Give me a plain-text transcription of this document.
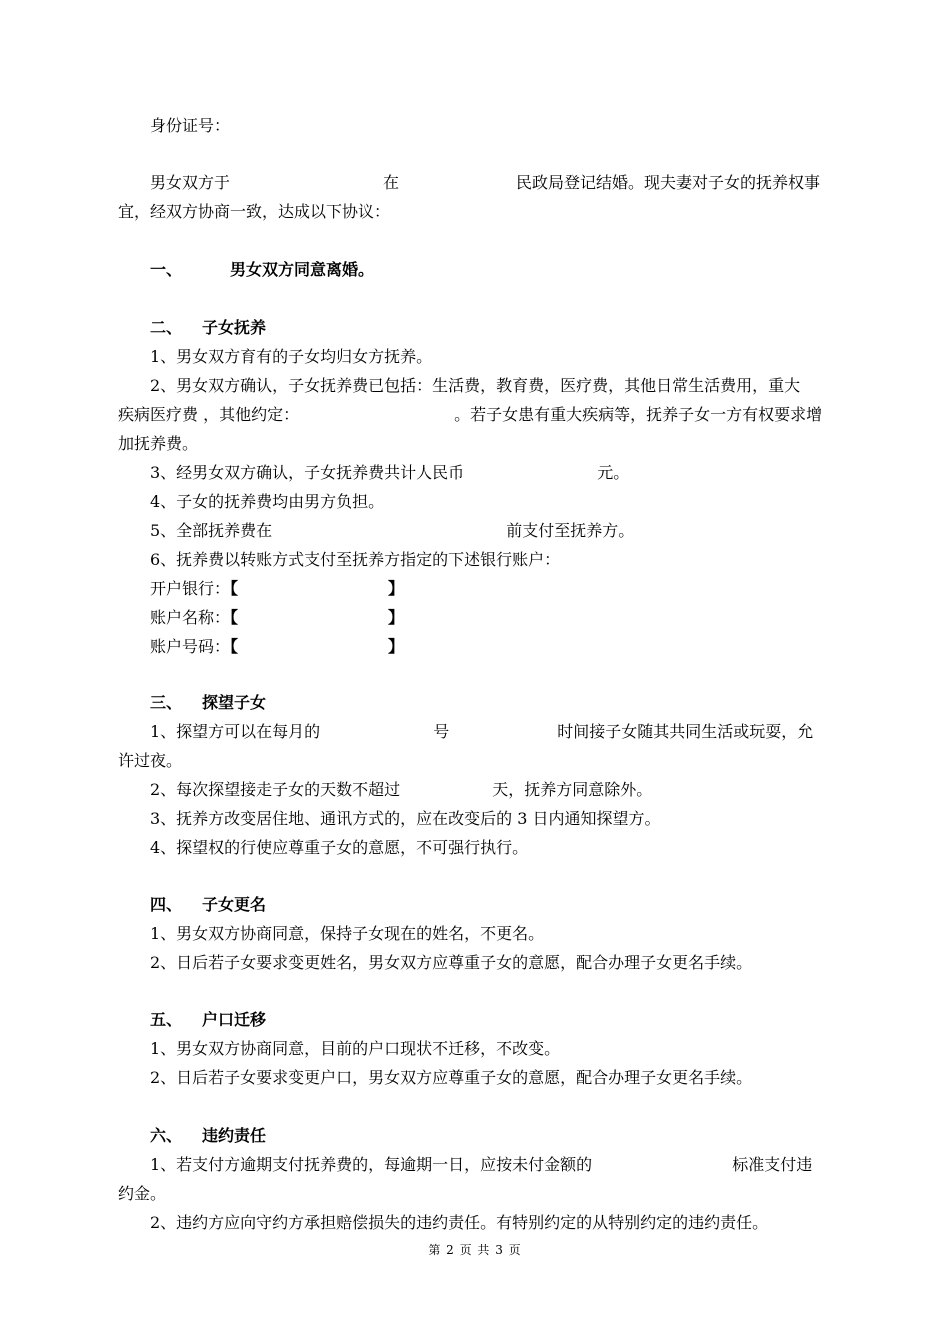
身份证号：
男女双方于	在	民政局登记结婚。现夫妻对子女的抚养权事
宜，经双方协商一致，达成以下协议：
一、	男女双方同意离婚。
二、 子女抚养
1、男女双方育有的子女均归女方抚养。
2、男女双方确认，子女抚养费已包括：生活费，教育费，医疗费，其他日常生活费用，重大
疾病医疗费 ，其他约定：	。若子女患有重大疾病等，抚养子女一方有权要求增
加抚养费。
3、经男女双方确认，子女抚养费共计人民币	元。
4、子女的抚养费均由男方负担。
5、全部抚养费在	前支付至抚养方。
6、抚养费以转账方式支付至抚养方指定的下述银行账户：
开户银行：【	】
账户名称：【	】
账户号码：【	】
三、 探望子女
1、探望方可以在每月的	号	时间接子女随其共同生活或玩耍，允
许过夜。
2、每次探望接走子女的天数不超过	天，抚养方同意除外。
3、抚养方改变居住地、通讯方式的，应在改变后的 3 日内通知探望方。
4、探望权的行使应尊重子女的意愿，不可强行执行。
四、 子女更名
1、男女双方协商同意，保持子女现在的姓名，不更名。
2、日后若子女要求变更姓名，男女双方应尊重子女的意愿，配合办理子女更名手续。
五、 户口迁移
1、男女双方协商同意，目前的户口现状不迁移，不改变。
2、日后若子女要求变更户口，男女双方应尊重子女的意愿，配合办理子女更名手续。
六、 违约责任
1、若支付方逾期支付抚养费的，每逾期一日，应按未付金额的	标准支付违
约金。
2、违约方应向守约方承担赔偿损失的违约责任。有特别约定的从特别约定的违约责任。
第 2 页 共 3 页
